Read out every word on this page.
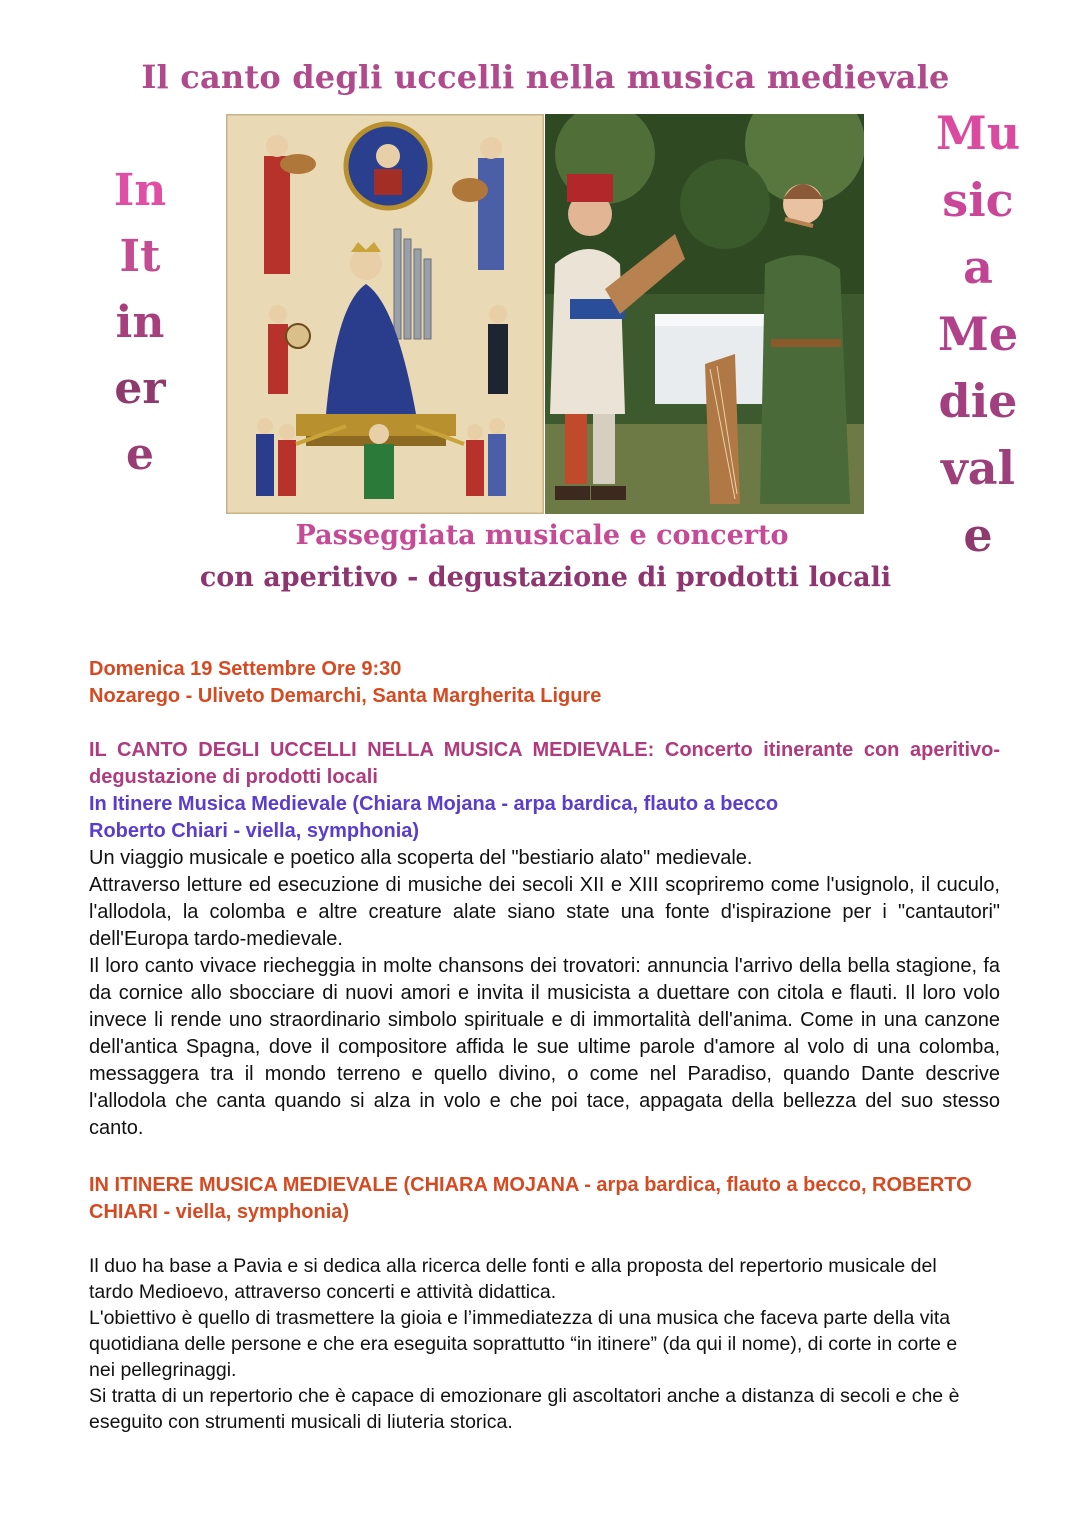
Il canto degli uccelli nella musica medievale
In
It
in
er
e
Mu
sic
a
Me
die
val
e

Passeggiata musicale e concerto

con aperitivo - degustazione di prodotti locali

Domenica 19 Settembre Ore 9:30

Nozarego - Uliveto Demarchi, Santa Margherita Ligure

IL CANTO DEGLI UCCELLI NELLA MUSICA MEDIEVALE: Concerto itinerante con aperitivo-degustazione di prodotti locali

In Itinere Musica Medievale (Chiara Mojana - arpa bardica, flauto a becco

Roberto Chiari - viella, symphonia)

Un viaggio musicale e poetico alla scoperta del "bestiario alato" medievale.

Attraverso letture ed esecuzione di musiche dei secoli XII e XIII scopriremo come l'usignolo, il cuculo, l'allodola, la colomba e altre creature alate siano state una fonte d'ispirazione per i "cantautori" dell'Europa tardo-medievale.

Il loro canto vivace riecheggia in molte chansons dei trovatori: annuncia l'arrivo della bella stagione, fa da cornice allo sbocciare di nuovi amori e invita il musicista a duettare con citola e flauti. Il loro volo invece li rende uno straordinario simbolo spirituale e di immortalità dell'anima. Come in una canzone dell'antica Spagna, dove il compositore affida le sue ultime parole d'amore al volo di una colomba, messaggera tra il mondo terreno e quello divino, o come nel Paradiso, quando Dante descrive l'allodola che canta quando si alza in volo e che poi tace, appagata della bellezza del suo stesso canto.

IN ITINERE MUSICA MEDIEVALE (CHIARA MOJANA - arpa bardica, flauto a becco, ROBERTO CHIARI - viella, symphonia)

Il duo ha base a Pavia e si dedica alla ricerca delle fonti e alla proposta del repertorio musicale del tardo Medioevo, attraverso concerti e attività didattica.

L'obiettivo è quello di trasmettere la gioia e l’immediatezza di una musica che faceva parte della vita quotidiana delle persone e che era eseguita soprattutto “in itinere” (da qui il nome), di corte in corte e nei pellegrinaggi.

Si tratta di un repertorio che è capace di emozionare gli ascoltatori anche a distanza di secoli e che è eseguito con strumenti musicali di liuteria storica.
